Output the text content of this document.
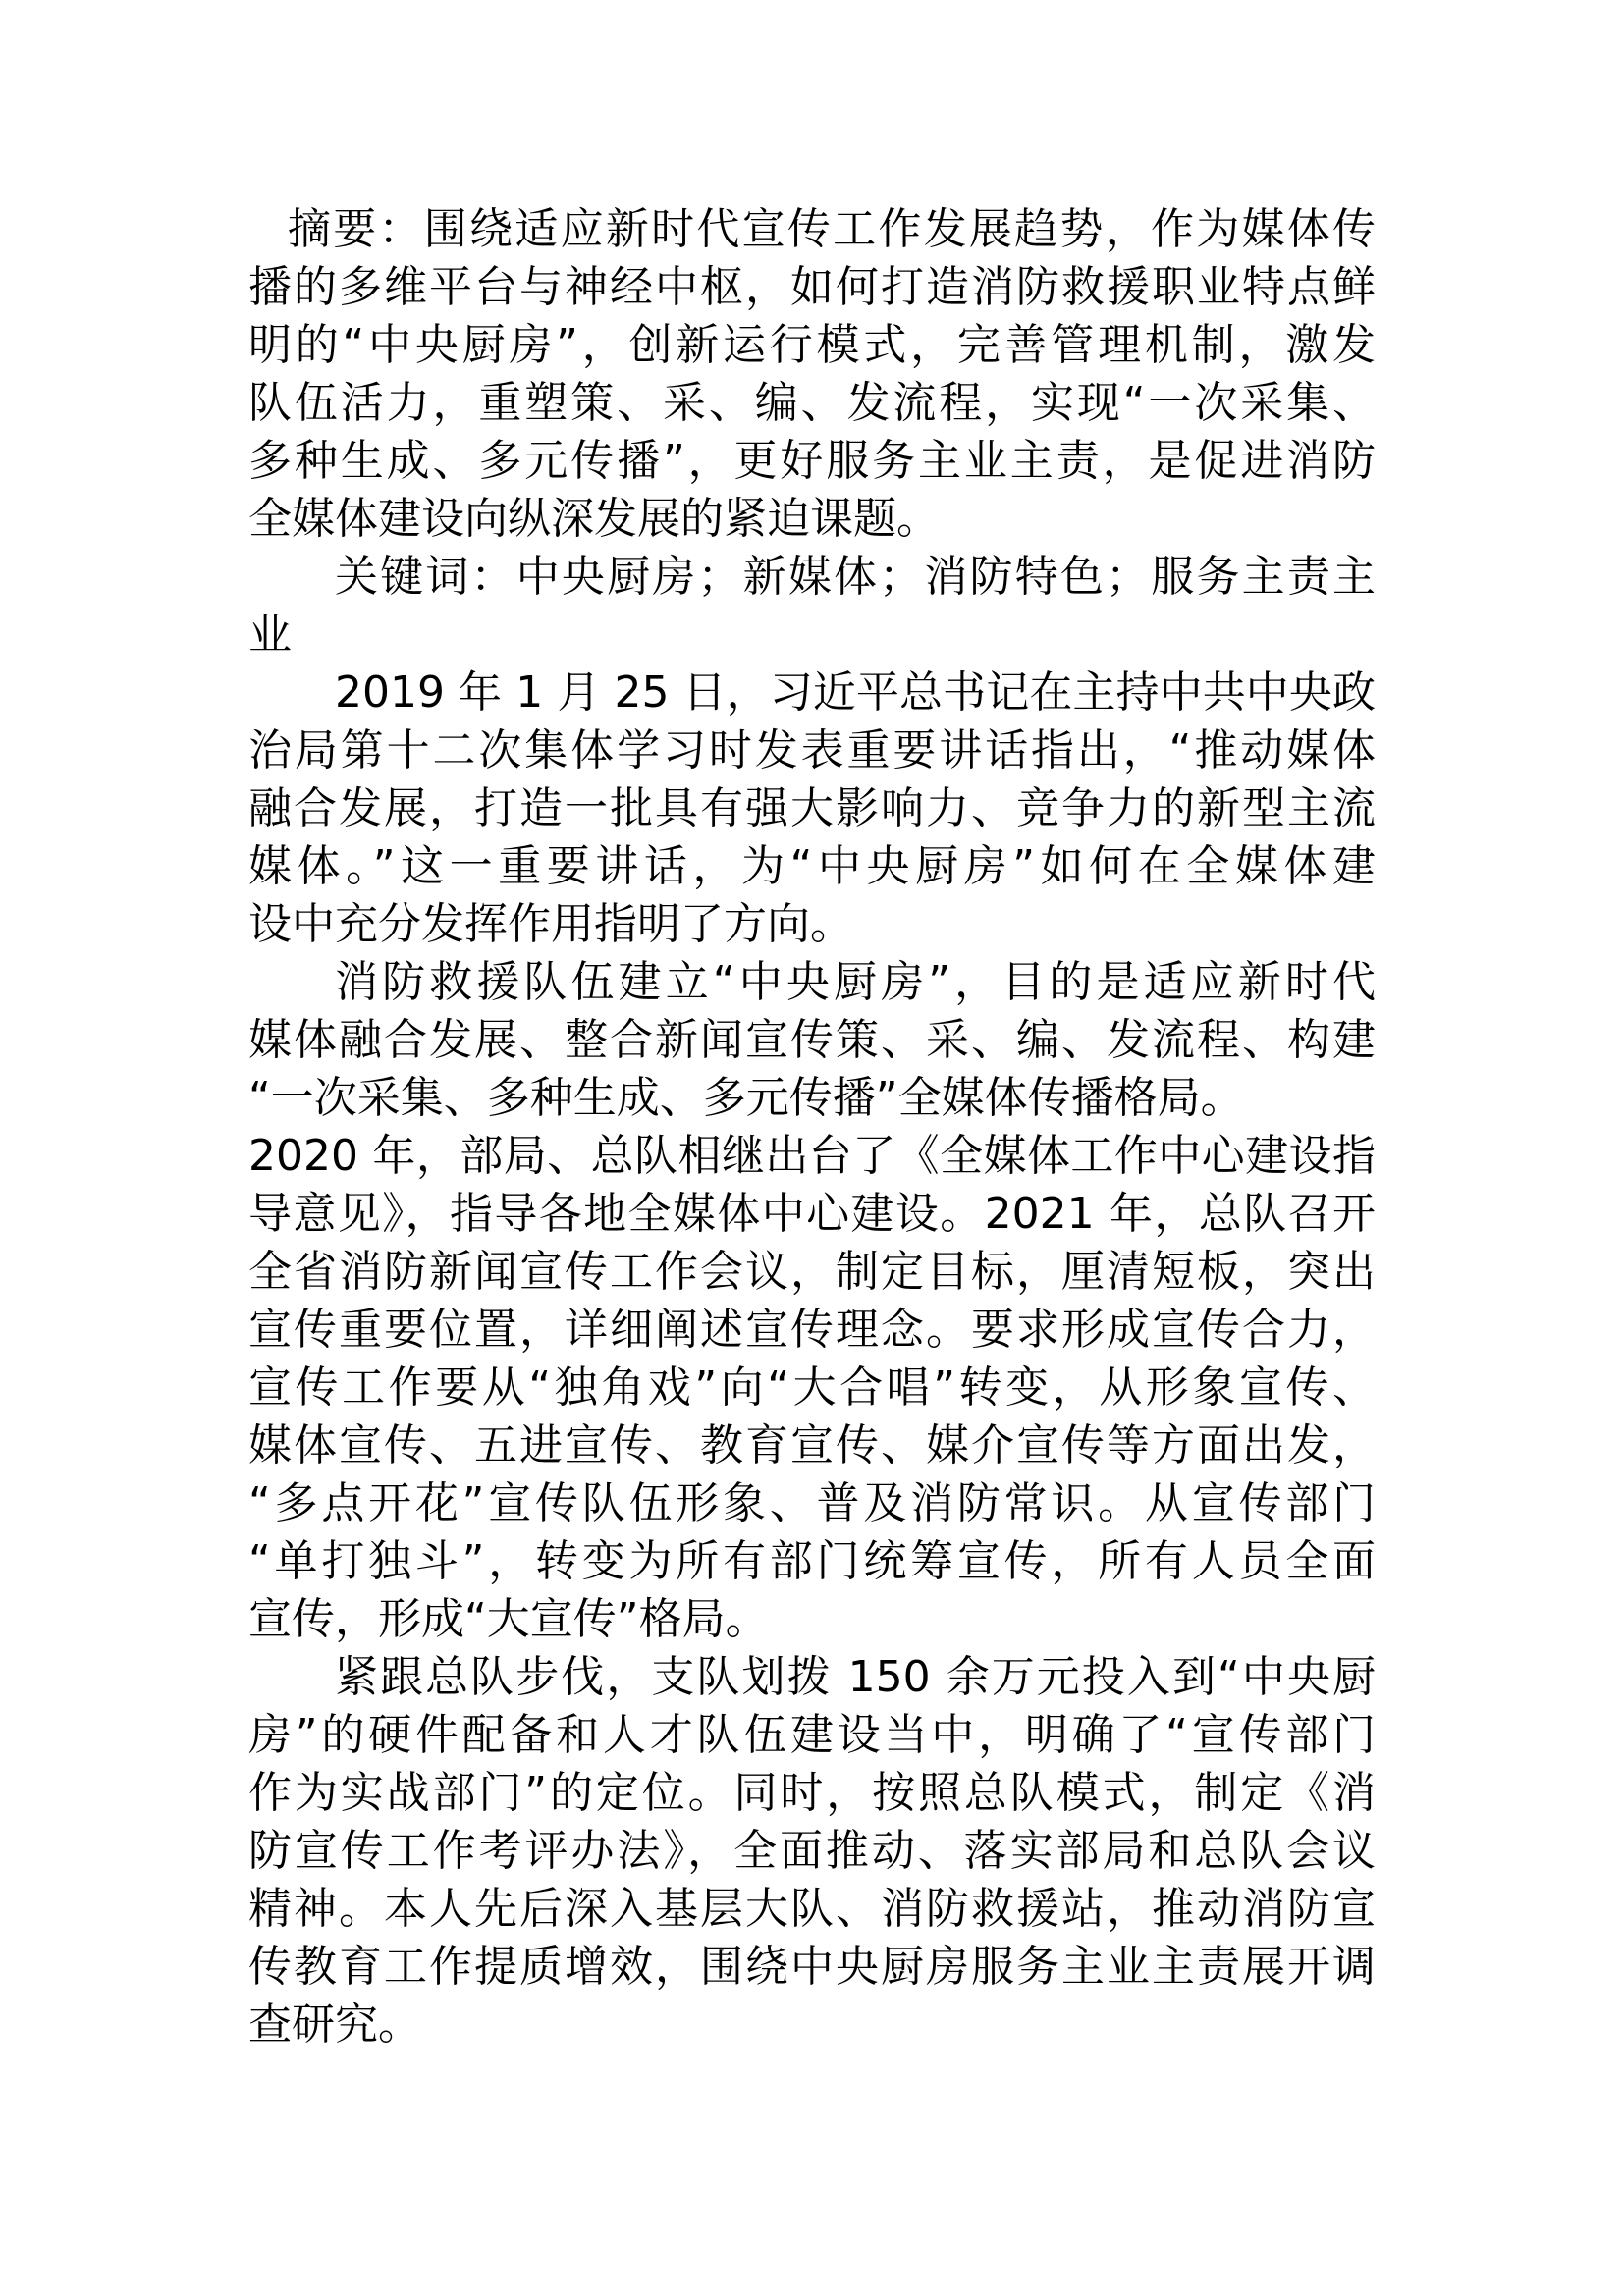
摘要：围绕适应新时代宣传工作发展趋势，作为媒体传
播的多维平台与神经中枢，如何打造消防救援职业特点鲜
明的“中央厨房”，创新运行模式，完善管理机制，激发
队伍活力，重塑策、采、编、发流程，实现“一次采集、
多种生成、多元传播”，更好服务主业主责，是促进消防
全媒体建设向纵深发展的紧迫课题。
关键词：中央厨房；新媒体；消防特色；服务主责主
业
2019 年 1 月 25 日，习近平总书记在主持中共中央政
治局第十二次集体学习时发表重要讲话指出，“推动媒体
融合发展，打造一批具有强大影响力、竞争力的新型主流
媒体。”这一重要讲话，为“中央厨房”如何在全媒体建
设中充分发挥作用指明了方向。
消防救援队伍建立“中央厨房”，目的是适应新时代
媒体融合发展、整合新闻宣传策、采、编、发流程、构建
“一次采集、多种生成、多元传播”全媒体传播格局。
2020 年，部局、总队相继出台了《全媒体工作中心建设指
导意见》，指导各地全媒体中心建设。2021 年，总队召开
全省消防新闻宣传工作会议，制定目标，厘清短板，突出
宣传重要位置，详细阐述宣传理念。要求形成宣传合力，
宣传工作要从“独角戏”向“大合唱”转变，从形象宣传、
媒体宣传、五进宣传、教育宣传、媒介宣传等方面出发，
“多点开花”宣传队伍形象、普及消防常识。从宣传部门
“单打独斗”，转变为所有部门统筹宣传，所有人员全面
宣传，形成“大宣传”格局。
紧跟总队步伐，支队划拨 150 余万元投入到“中央厨
房”的硬件配备和人才队伍建设当中，明确了“宣传部门
作为实战部门”的定位。同时，按照总队模式，制定《消
防宣传工作考评办法》，全面推动、落实部局和总队会议
精神。本人先后深入基层大队、消防救援站，推动消防宣
传教育工作提质增效，围绕中央厨房服务主业主责展开调
查研究。
